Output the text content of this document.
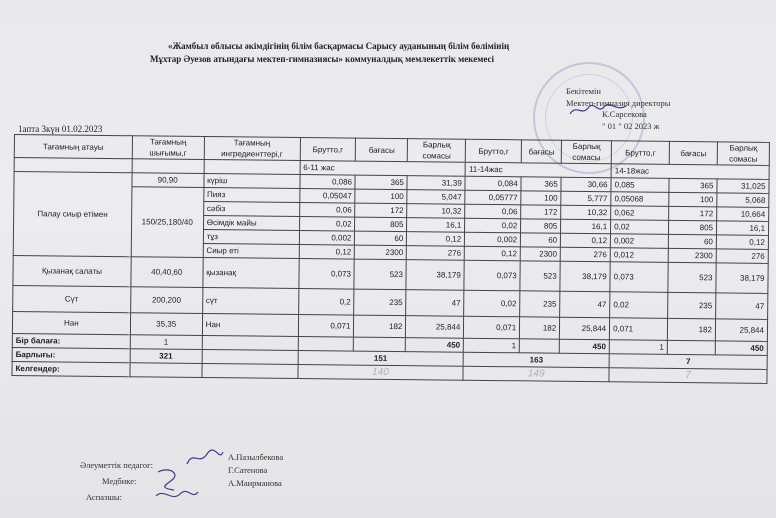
«Жамбыл облысы әкімдігінің білім басқармасы Сарысу ауданының білім бөлімінің
Мұхтар Әуезов атындағы мектеп-гимназиясы» коммуналдық мемлекеттік мекемесі
Бекітемін
Мектеп-гимназия директоры
К.Сарсекова
" 01 " 02 2023 ж
1апта 3күн 01.02.2023
Тағамның атауы	Тағамның шығымы,г	Тағамның ингредиенттері,г	Брутто,г	бағасы	Барлық сомасы	Брутто,г	бағасы	Барлық сомасы	Брутто,г	бағасы	Барлық сомасы
			6-11 жас			11-14жас			14-18жас		
Палау сиыр етімен	90,90	күріш	0,086	365	31,39	0,084	365	30,66	0,085	365	31,025
	150/25,180/40	Пияз	0,05047	100	5,047	0,05777	100	5,777	0,05068	100	5,068
		сәбіз	0,06	172	10,32	0,06	172	10,32	0,062	172	10,664
		Өсімдік майы	0,02	805	16,1	0,02	805	16,1	0,02	805	16,1
		тұз	0,002	60	0,12	0,002	60	0,12	0,002	60	0,12
		Сиыр еті	0,12	2300	276	0,12	2300	276	0,012	2300	276
Қызанақ салаты	40,40,60	қызанақ	0,073	523	38,179	0,073	523	38,179	0,073	523	38,179
Сүт	200,200	сүт	0,2	235	47	0,02	235	47	0,02	235	47
Нан	35,35	Нан	0,071	182	25,844	0,071	182	25,844	0,071	182	25,844
Бір балаға:	1				450	1		450	1		450
Барлығы:	321		151			163			7		
Келгендер:			140			149			7		
Әлеуметтік педагог:
Медбике:
Аспазшы:
А.Пазылбекова
Г.Сатенова
А.Маирманова
